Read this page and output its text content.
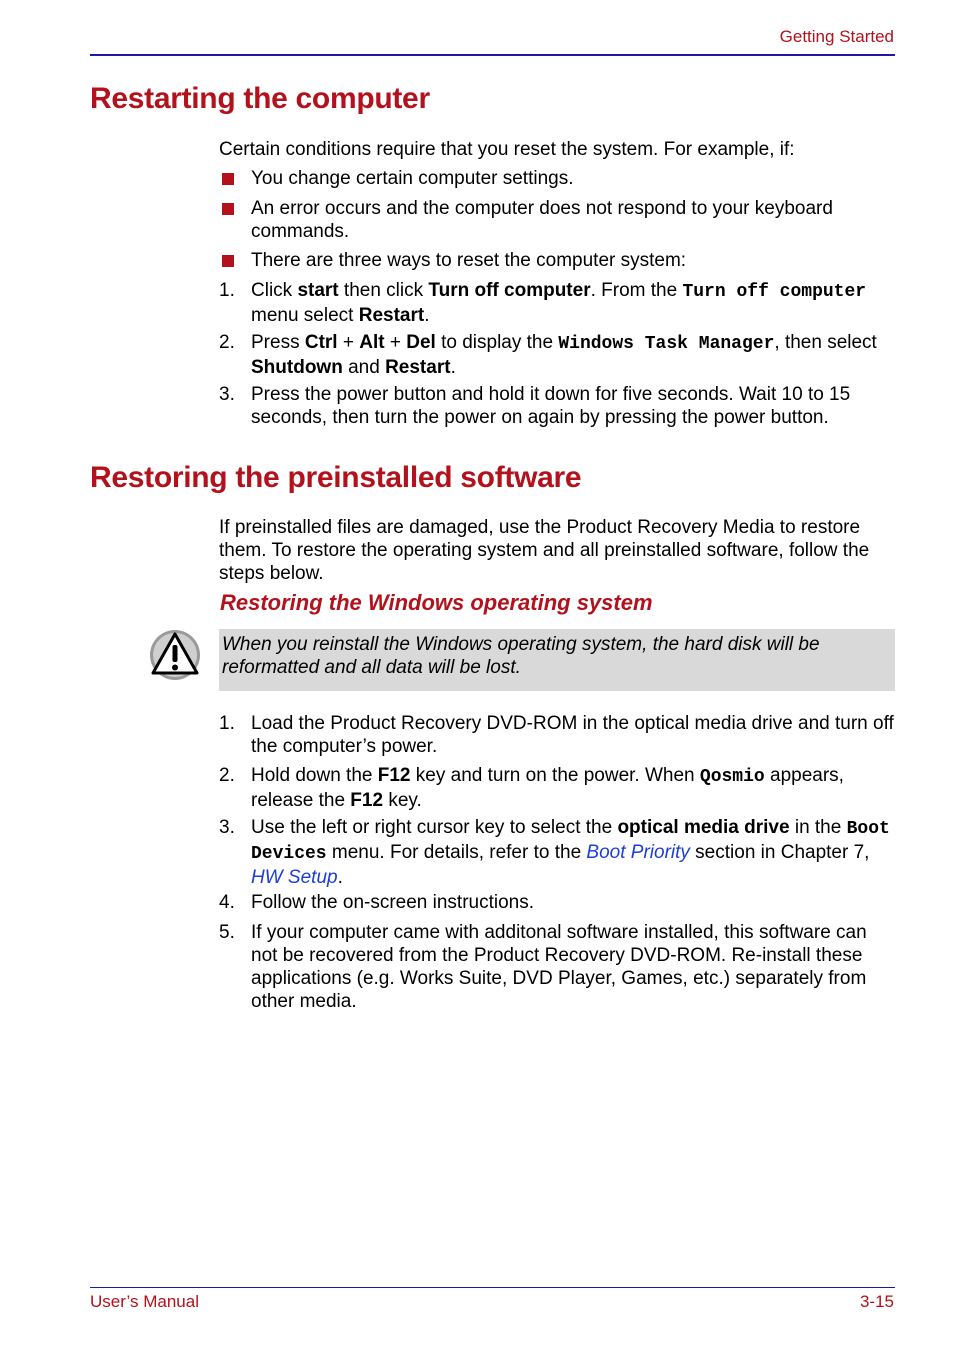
Getting Started
Restarting the computer

Certain conditions require that you reset the system. For example, if:

You change certain computer settings.
An error occurs and the computer does not respond to your keyboard commands.
There are three ways to reset the computer system:
1. Click start then click Turn off computer. From the Turn off computer menu select Restart.
2. Press Ctrl + Alt + Del to display the Windows Task Manager, then select Shutdown and Restart.
3. Press the power button and hold it down for five seconds. Wait 10 to 15 seconds, then turn the power on again by pressing the power button.
Restoring the preinstalled software

If preinstalled files are damaged, use the Product Recovery Media to restore them. To restore the operating system and all preinstalled software, follow the steps below.

Restoring the Windows operating system
When you reinstall the Windows operating system, the hard disk will be reformatted and all data will be lost.
1. Load the Product Recovery DVD-ROM in the optical media drive and turn off the computer’s power.
2. Hold down the F12 key and turn on the power. When Qosmio appears, release the F12 key.
3. Use the left or right cursor key to select the optical media drive in the Boot Devices menu. For details, refer to the Boot Priority section in Chapter 7, HW Setup.
4. Follow the on-screen instructions.
5. If your computer came with additonal software installed, this software can not be recovered from the Product Recovery DVD-ROM. Re-install these applications (e.g. Works Suite, DVD Player, Games, etc.) separately from other media.
User’s Manual	3-15
